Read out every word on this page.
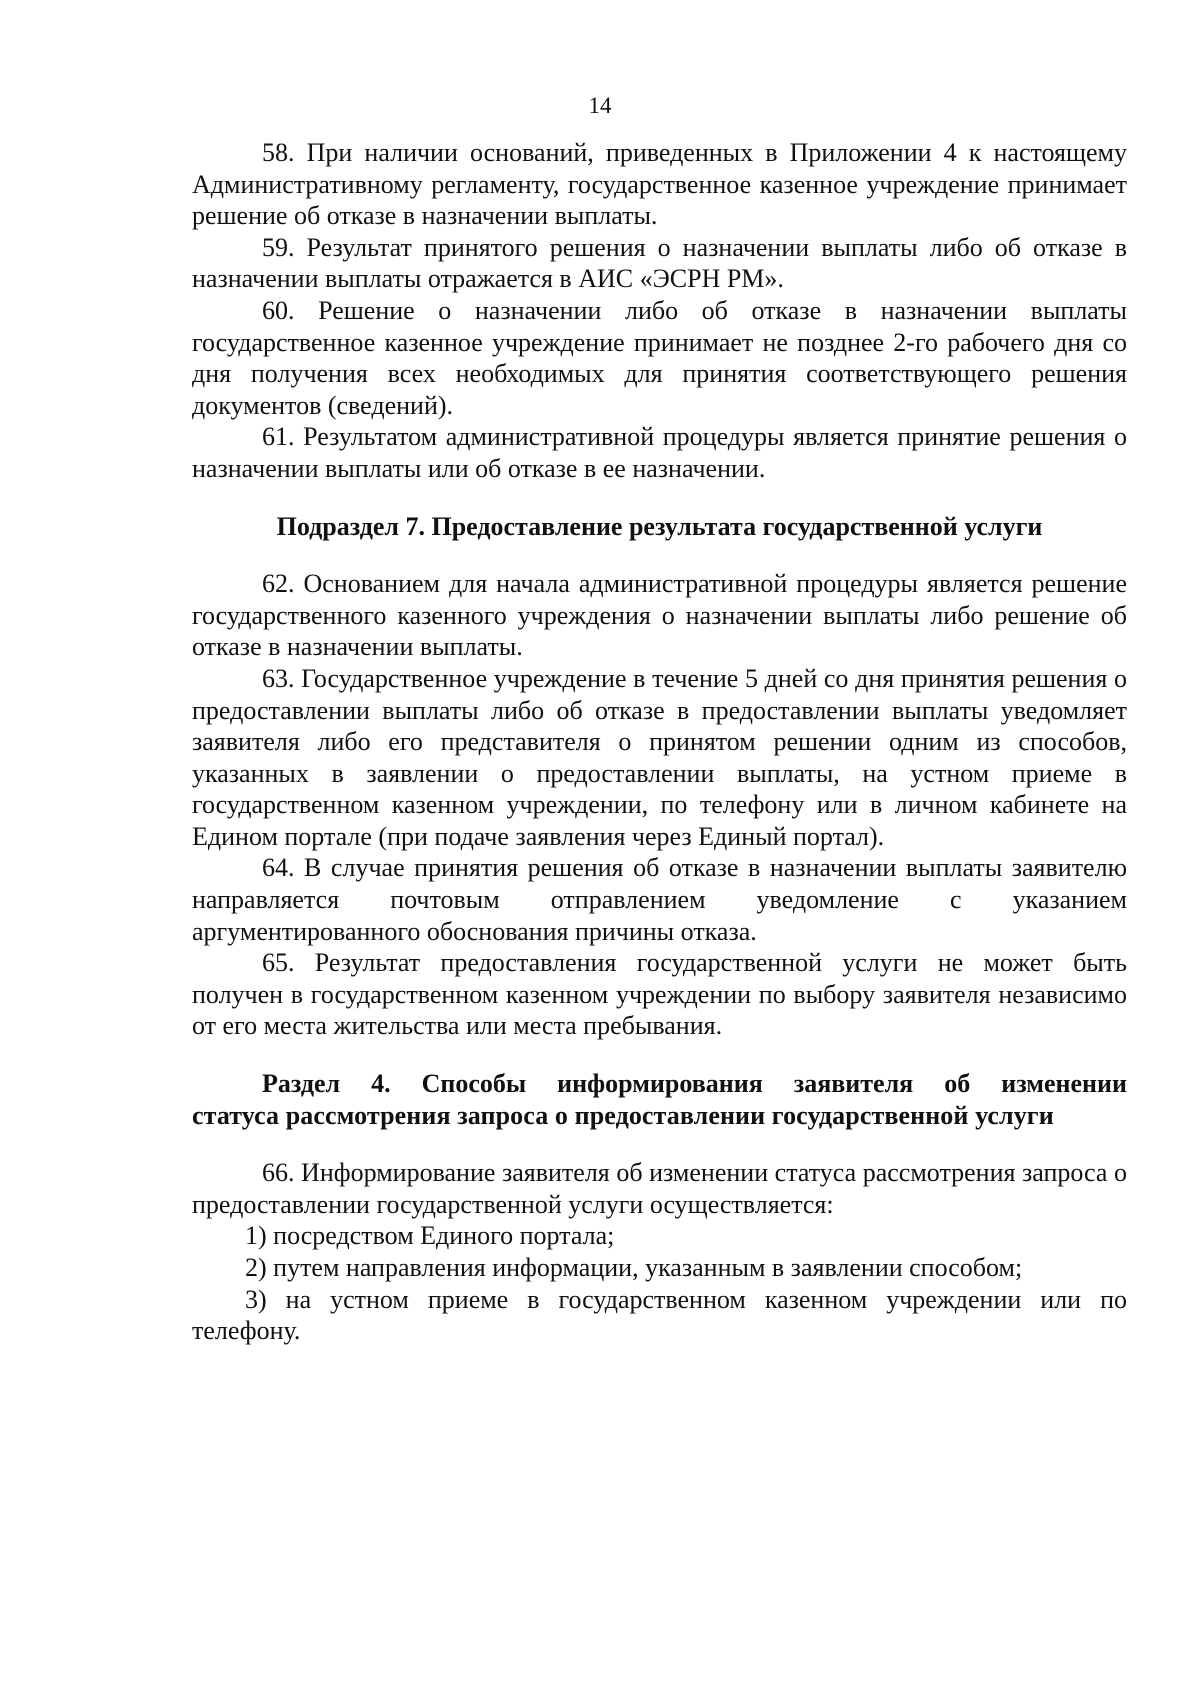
14

58. При наличии оснований, приведенных в Приложении 4 к настоящему Административному регламенту, государственное казенное учреждение принимает решение об отказе в назначении выплаты.

59. Результат принятого решения о назначении выплаты либо об отказе в назначении выплаты отражается в АИС «ЭСРН РМ».

60. Решение о назначении либо об отказе в назначении выплаты государственное казенное учреждение принимает не позднее 2-го рабочего дня со дня получения всех необходимых для принятия соответствующего решения документов (сведений).

61. Результатом административной процедуры является принятие решения о назначении выплаты или об отказе в ее назначении.

Подраздел 7. Предоставление результата государственной услуги

62. Основанием для начала административной процедуры является решение государственного казенного учреждения о назначении выплаты либо решение об отказе в назначении выплаты.

63. Государственное учреждение в течение 5 дней со дня принятия решения о предоставлении выплаты либо об отказе в предоставлении выплаты уведомляет заявителя либо его представителя о принятом решении одним из способов, указанных в заявлении о предоставлении выплаты, на устном приеме в государственном казенном учреждении, по телефону или в личном кабинете на Едином портале (при подаче заявления через Единый портал).

64. В случае принятия решения об отказе в назначении выплаты заявителю направляется почтовым отправлением уведомление с указанием аргументированного обоснования причины отказа.

65. Результат предоставления государственной услуги не может быть получен в государственном казенном учреждении по выбору заявителя независимо от его места жительства или места пребывания.

Раздел 4. Способы информирования заявителя об изменении

статуса рассмотрения запроса о предоставлении государственной услуги

66. Информирование заявителя об изменении статуса рассмотрения запроса о предоставлении государственной услуги осуществляется:

1) посредством Единого портала;

2) путем направления информации, указанным в заявлении способом;

3) на устном приеме в государственном казенном учреждении или по телефону.
